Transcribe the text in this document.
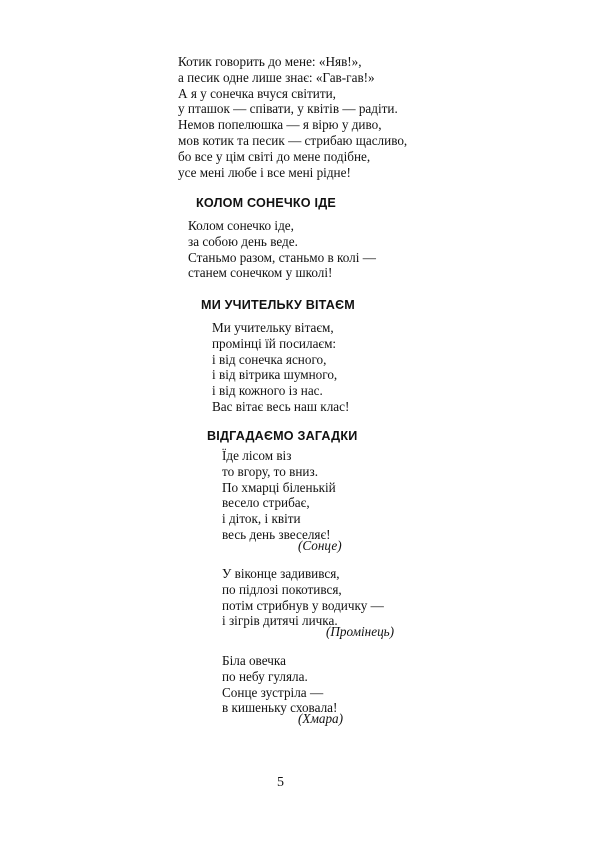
Котик говорить до мене: «Няв!»,
а песик одне лише знає: «Гав-гав!»
А я у сонечка вчуся світити,
у пташок — співати, у квітів — радіти.
Немов попелюшка — я вірю у диво,
мов котик та песик — стрибаю щасливо,
бо все у цім світі до мене подібне,
усе мені любе і все мені рідне!
КОЛОМ СОНЕЧКО ІДЕ
Колом сонечко іде,
за собою день веде.
Станьмо разом, станьмо в колі —
станем сонечком у школі!
МИ УЧИТЕЛЬКУ ВІТАЄМ
Ми учительку вітаєм,
промінці їй посилаєм:
і від сонечка ясного,
і від вітрика шумного,
і від кожного із нас.
Вас вітає весь наш клас!
ВІДГАДАЄМО ЗАГАДКИ
Їде лісом віз
то вгору, то вниз.
По хмарці біленькій
весело стрибає,
і діток, і квіти
весь день звеселяє!

(Сонце)

У віконце задивився,
по підлозі покотився,
потім стрибнув у водичку —
і зігрів дитячі личка.

(Промінець)

Біла овечка
по небу гуляла.
Сонце зустріла —
в кишеньку сховала!

(Хмара)

5
